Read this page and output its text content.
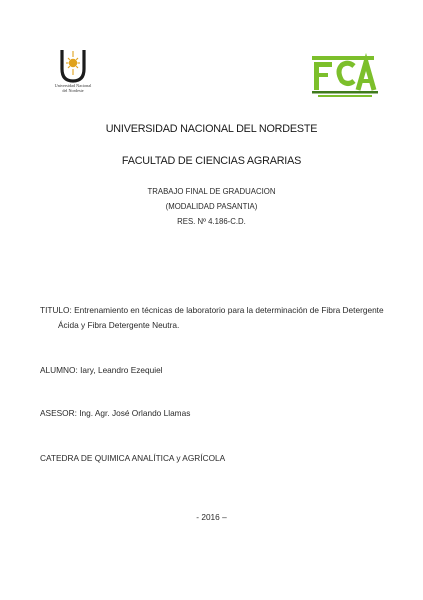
Universidad Nacional
del Nordeste
UNIVERSIDAD NACIONAL DEL NORDESTE
FACULTAD DE CIENCIAS AGRARIAS
TRABAJO FINAL DE GRADUACION
(MODALIDAD PASANTIA)
RES. Nº 4.186-C.D.
TITULO: Entrenamiento en técnicas de laboratorio para la determinación de Fibra Detergente
Ácida y Fibra Detergente Neutra.
ALUMNO: Iary, Leandro Ezequiel
ASESOR: Ing. Agr. José Orlando Llamas
CATEDRA DE QUIMICA ANALÍTICA y AGRÍCOLA
- 2016 –
